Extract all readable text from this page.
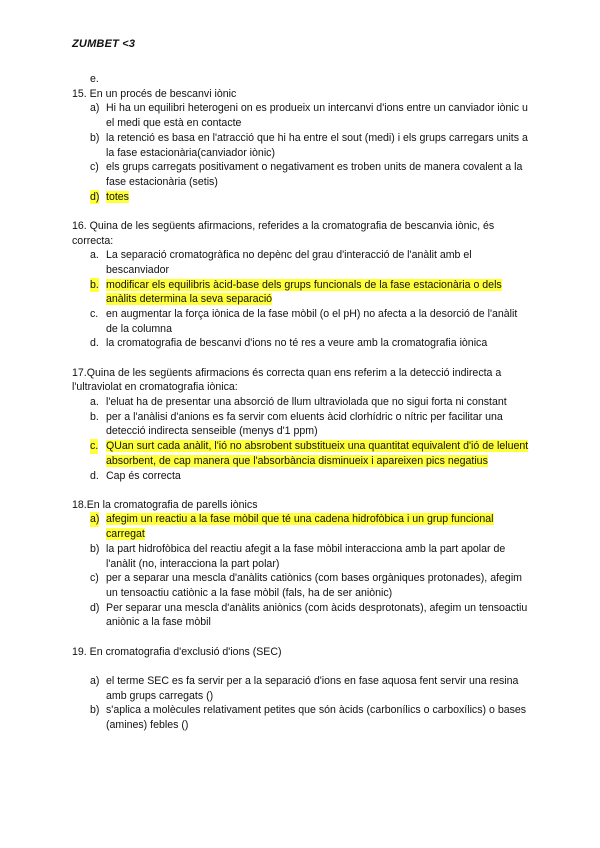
ZUMBET <3
e.

15. En un procés de bescanvi iònic

a) Hi ha un equilibri heterogeni on es produeix un intercanvi d'ions entre un canviador iònic u el medi que està en contacte
b) la retenció es basa en l'atracció que hi ha entre el sout (medi) i els grups carregars units a la fase estacionària(canviador iònic)
c) els grups carregats positivament o negativament es troben units de manera covalent a la fase estacionària (setis)
d) totes

16. Quina de les següents afirmacions, referides a la cromatografia de bescanvia iònic, és correcta:

a. La separació cromatogràfica no depènc del grau d'interacció de l'anàlit amb el bescanviador
b. modificar els equilibris àcid-base dels grups funcionals de la fase estacionària o dels anàlits determina la seva separació
c. en augmentar la força iònica de la fase mòbil (o el pH) no afecta a la desorció de l'anàlit de la columna
d. la cromatografia de bescanvi d'ions no té res a veure amb la cromatografia iònica

17.Quina de les següents afirmacions és correcta quan ens referim a la detecció indirecta a l'ultraviolat en cromatografia iònica:

a. l'eluat ha de presentar una absorció de llum ultraviolada que no sigui forta ni constant
b. per a l'anàlisi d'anions es fa servir com eluents àcid clorhídric o nítric per facilitar una detecció indirecta senseible (menys d'1 ppm)
c. QUan surt cada anàlit, l'ió no absrobent substitueix una quantitat equivalent d'ió de leluent absorbent, de cap manera que l'absorbància disminueix i apareixen pics negatius
d. Cap és correcta

18.En la cromatografia de parells iònics

a) afegim un reactiu a la fase mòbil que té una cadena hidrofòbica i un grup funcional carregat
b) la part hidrofòbica del reactiu afegit a la fase mòbil interacciona amb la part apolar de l'anàlit (no, interacciona la part polar)
c) per a separar una mescla d'anàlits catiònics (com bases orgàniques protonades), afegim un tensoactiu catiònic a la fase mòbil (fals, ha de ser aniònic)
d) Per separar una mescla d'anàlits aniònics (com àcids desprotonats), afegim un tensoactiu aniònic a la fase mòbil

19. En cromatografia d'exclusió d'ions (SEC)

a) el terme SEC es fa servir per a la separació d'ions en fase aquosa fent servir una resina amb grups carregats ()
b) s'aplica a molècules relativament petites que són àcids (carbonílics o carboxílics) o bases (amines) febles ()
